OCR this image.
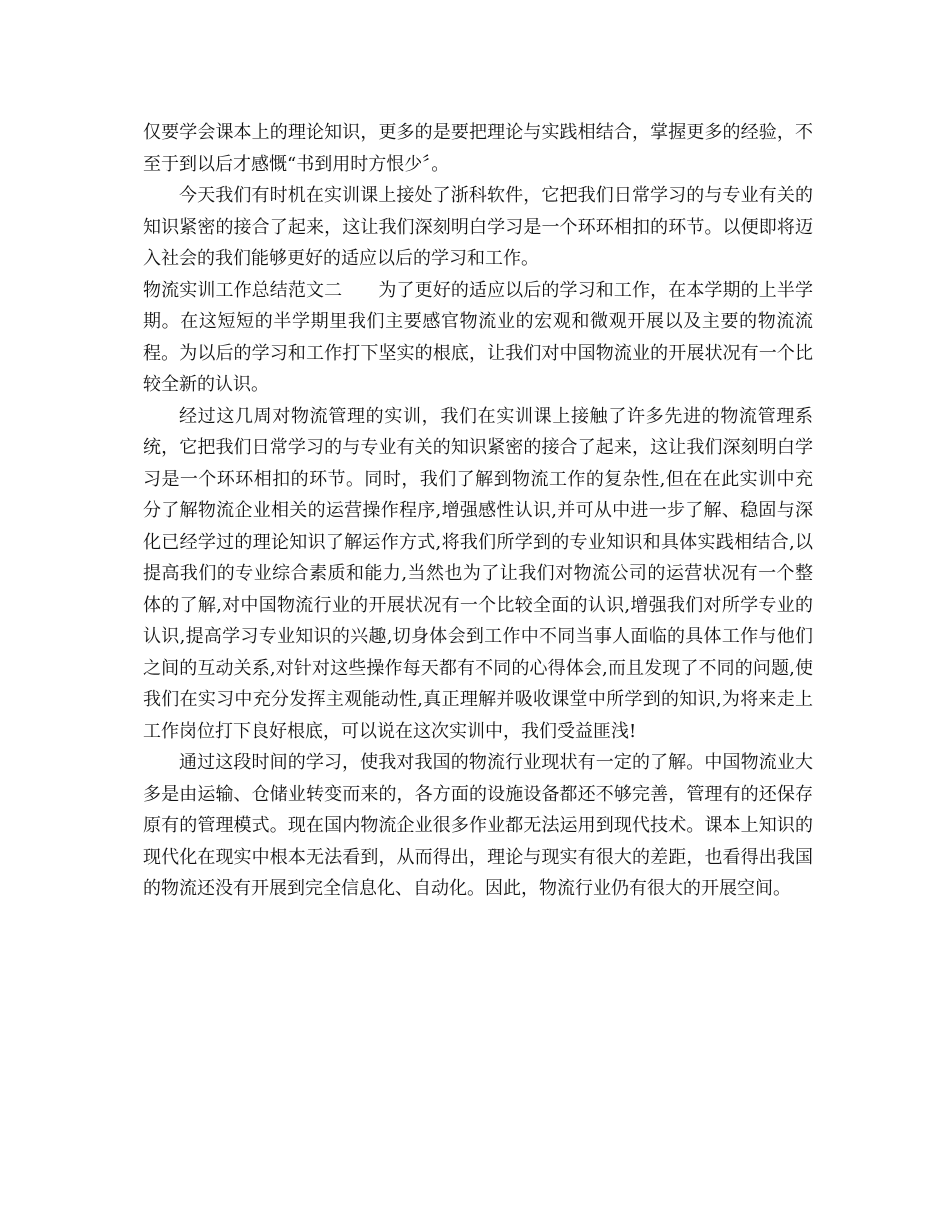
仅要学会课本上的理论知识，更多的是要把理论与实践相结合，掌握更多的经验，不至于到以后才感慨“书到用时方恨少〞。

今天我们有时机在实训课上接处了浙科软件，它把我们日常学习的与专业有关的知识紧密的接合了起来，这让我们深刻明白学习是一个环环相扣的环节。以便即将迈入社会的我们能够更好的适应以后的学习和工作。

物流实训工作总结范文二 为了更好的适应以后的学习和工作，在本学期的上半学期。在这短短的半学期里我们主要感官物流业的宏观和微观开展以及主要的物流流程。为以后的学习和工作打下坚实的根底，让我们对中国物流业的开展状况有一个比较全新的认识。

经过这几周对物流管理的实训，我们在实训课上接触了许多先进的物流管理系统，它把我们日常学习的与专业有关的知识紧密的接合了起来，这让我们深刻明白学习是一个环环相扣的环节。同时，我们了解到物流工作的复杂性,但在在此实训中充分了解物流企业相关的运营操作程序,增强感性认识,并可从中进一步了解、稳固与深化已经学过的理论知识了解运作方式,将我们所学到的专业知识和具体实践相结合,以提高我们的专业综合素质和能力,当然也为了让我们对物流公司的运营状况有一个整体的了解,对中国物流行业的开展状况有一个比较全面的认识,增强我们对所学专业的认识,提高学习专业知识的兴趣,切身体会到工作中不同当事人面临的具体工作与他们之间的互动关系,对针对这些操作每天都有不同的心得体会,而且发现了不同的问题,使我们在实习中充分发挥主观能动性,真正理解并吸收课堂中所学到的知识,为将来走上工作岗位打下良好根底，可以说在这次实训中，我们受益匪浅!

通过这段时间的学习，使我对我国的物流行业现状有一定的了解。中国物流业大多是由运输、仓储业转变而来的，各方面的设施设备都还不够完善，管理有的还保存原有的管理模式。现在国内物流企业很多作业都无法运用到现代技术。课本上知识的现代化在现实中根本无法看到，从而得出，理论与现实有很大的差距，也看得出我国的物流还没有开展到完全信息化、自动化。因此，物流行业仍有很大的开展空间。
